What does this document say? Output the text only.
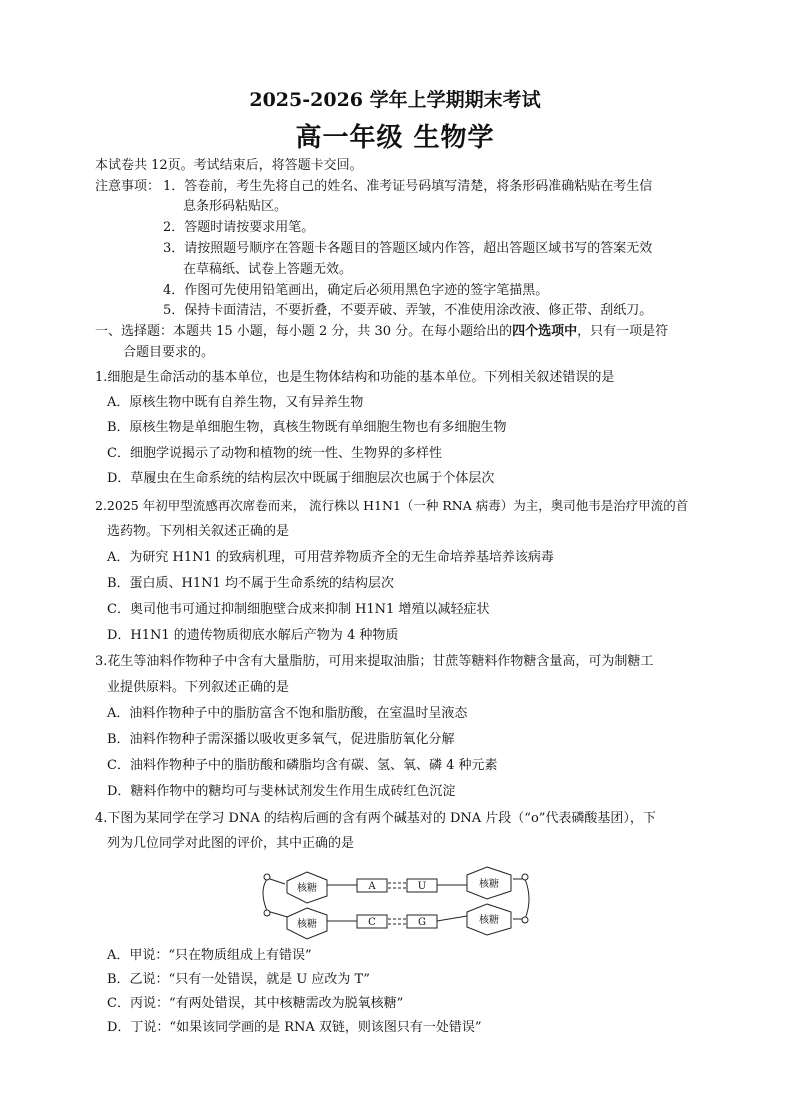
2025-2026 学年上学期期末考试
高一年级 生物学
本试卷共 12页。考试结束后，将答题卡交回。
注意事项： 1．答卷前，考生先将自己的姓名、准考证号码填写清楚，将条形码准确粘贴在考生信
息条形码粘贴区。
2．答题时请按要求用笔。
3．请按照题号顺序在答题卡各题目的答题区域内作答，超出答题区域书写的答案无效
在草稿纸、试卷上答题无效。
4．作图可先使用铅笔画出，确定后必须用黑色字迹的签字笔描黑。
5．保持卡面清洁，不要折叠，不要弄破、弄皱，不准使用涂改液、修正带、刮纸刀。
一、选择题：本题共 15 小题，每小题 2 分，共 30 分。在每小题给出的四个选项中，只有一项是符
合题目要求的。
1.细胞是生命活动的基本单位，也是生物体结构和功能的基本单位。下列相关叙述错误的是
A．原核生物中既有自养生物，又有异养生物
B．原核生物是单细胞生物，真核生物既有单细胞生物也有多细胞生物
C．细胞学说揭示了动物和植物的统一性、生物界的多样性
D．草履虫在生命系统的结构层次中既属于细胞层次也属于个体层次
2.2025 年初甲型流感再次席卷而来， 流行株以 H1N1（一种 RNA 病毒）为主，奥司他韦是治疗甲流的首
选药物。下列相关叙述正确的是
A．为研究 H1N1 的致病机理，可用营养物质齐全的无生命培养基培养该病毒
B．蛋白质、H1N1 均不属于生命系统的结构层次
C．奥司他韦可通过抑制细胞壁合成来抑制 H1N1 增殖以减轻症状
D．H1N1 的遗传物质彻底水解后产物为 4 种物质
3.花生等油料作物种子中含有大量脂肪，可用来提取油脂；甘蔗等糖料作物糖含量高，可为制糖工
业提供原料。下列叙述正确的是
A．油料作物种子中的脂肪富含不饱和脂肪酸，在室温时呈液态
B．油料作物种子需深播以吸收更多氧气，促进脂肪氧化分解
C．油料作物种子中的脂肪酸和磷脂均含有碳、氢、氧、磷 4 种元素
D．糖料作物中的糖均可与斐林试剂发生作用生成砖红色沉淀
4.下图为某同学在学习 DNA 的结构后画的含有两个碱基对的 DNA 片段（“o”代表磷酸基团），下
列为几位同学对此图的评价，其中正确的是
核糖
核糖
核糖
核糖
A	U
C	G
A．甲说：“只在物质组成上有错误”
B．乙说：“只有一处错误，就是 U 应改为 T”
C．丙说：“有两处错误，其中核糖需改为脱氧核糖”
D．丁说：“如果该同学画的是 RNA 双链，则该图只有一处错误”
